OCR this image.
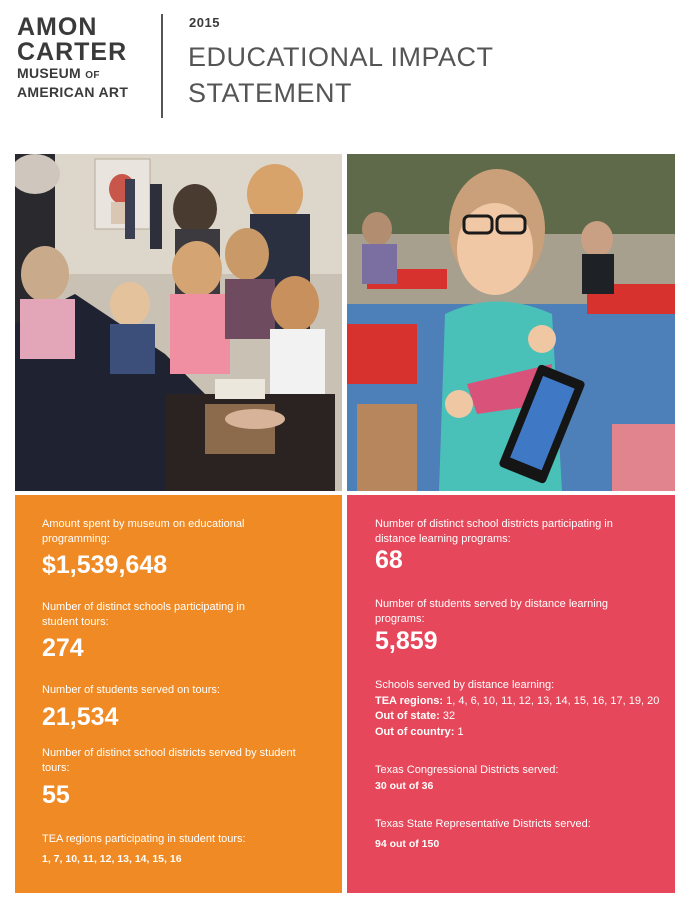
AMON
CARTER
MUSEUM OF
AMERICAN ART
2015
EDUCATIONAL IMPACT
STATEMENT
Amount spent by museum on educational programming:
$1,539,648
Number of distinct schools participating in student tours:
274
Number of students served on tours:
21,534
Number of distinct school districts served by student tours:
55
TEA regions participating in student tours:
1, 7, 10, 11, 12, 13, 14, 15, 16
Number of distinct school districts participating in distance learning programs:
68
Number of students served by distance learning programs:
5,859
Schools served by distance learning:
TEA regions: 1, 4, 6, 10, 11, 12, 13, 14, 15, 16, 17, 19, 20
Out of state: 32
Out of country: 1
Texas Congressional Districts served:
30 out of 36
Texas State Representative Districts served:
94 out of 150
